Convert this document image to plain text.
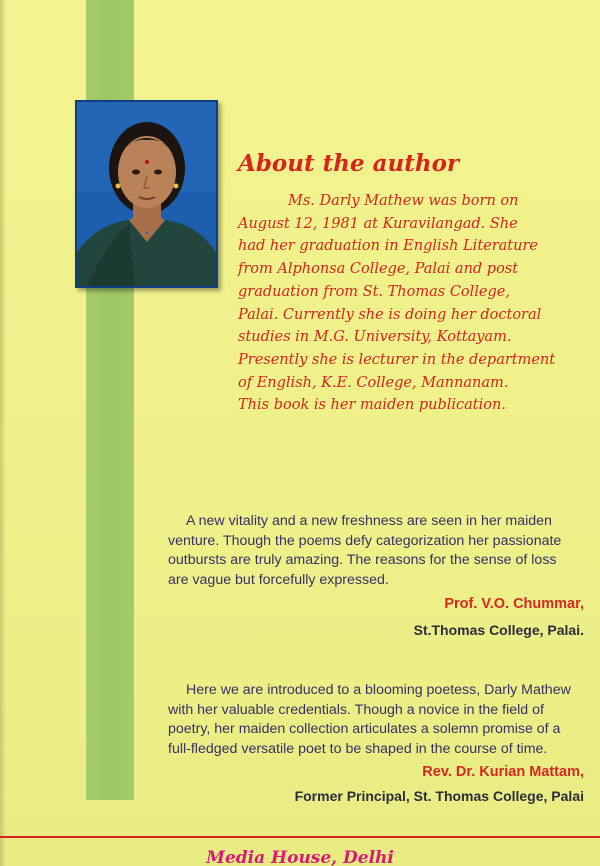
About the author

Ms. Darly Mathew was born on
August 12, 1981 at Kuravilangad. She
had her graduation in English Literature
from Alphonsa College, Palai and post
graduation from St. Thomas College,
Palai. Currently she is doing her doctoral
studies in M.G. University, Kottayam.
Presently she is lecturer in the department
of English, K.E. College, Mannanam.
This book is her maiden publication.

A new vitality and a new freshness are seen in her maiden
venture. Though the poems defy categorization her passionate
outbursts are truly amazing. The reasons for the sense of loss
are vague but forcefully expressed.

Prof. V.O. Chummar,
St.Thomas College, Palai.

Here we are introduced to a blooming poetess, Darly Mathew
with her valuable credentials. Though a novice in the field of
poetry, her maiden collection articulates a solemn promise of a
full-fledged versatile poet to be shaped in the course of time.

Rev. Dr. Kurian Mattam,
Former Principal, St. Thomas College, Palai
Media House, Delhi
